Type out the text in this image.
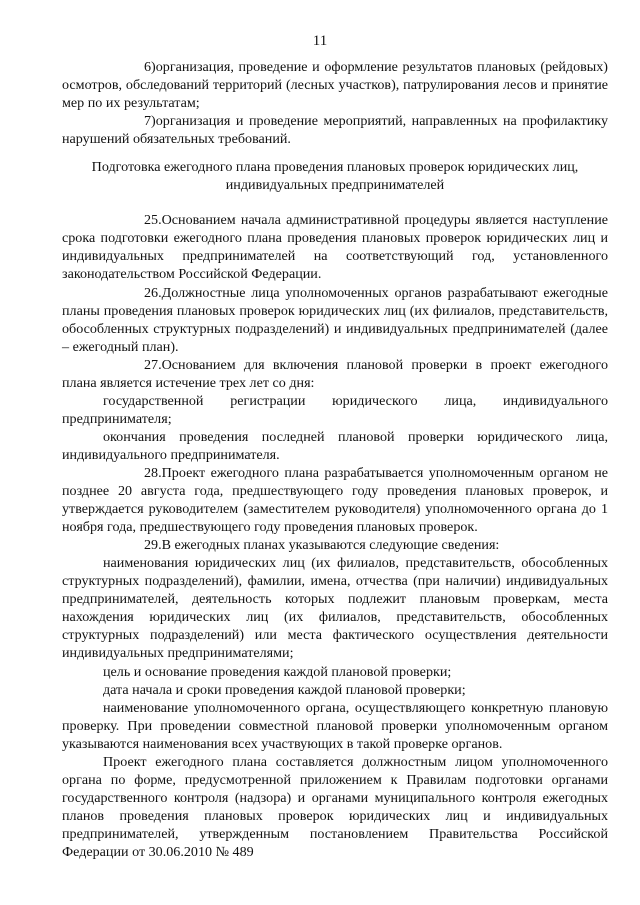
11

6)организация, проведение и оформление результатов плановых (рейдовых) осмотров, обследований территорий (лесных участков), патрулирования лесов и принятие мер по их результатам;

7)организация и проведение мероприятий, направленных на профилактику нарушений обязательных требований.

Подготовка ежегодного плана проведения плановых проверок юридических лиц, индивидуальных предпринимателей

25.Основанием начала административной процедуры является наступление срока подготовки ежегодного плана проведения плановых проверок юридических лиц и индивидуальных предпринимателей на соответствующий год, установленного законодательством Российской Федерации.

26.Должностные лица уполномоченных органов разрабатывают ежегодные планы проведения плановых проверок юридических лиц (их филиалов, представительств, обособленных структурных подразделений) и индивидуальных предпринимателей (далее – ежегодный план).

27.Основанием для включения плановой проверки в проект ежегодного плана является истечение трех лет со дня:

государственной регистрации юридического лица, индивидуального предпринимателя;

окончания проведения последней плановой проверки юридического лица, индивидуального предпринимателя.

28.Проект ежегодного плана разрабатывается уполномоченным органом не позднее 20 августа года, предшествующего году проведения плановых проверок, и утверждается руководителем (заместителем руководителя) уполномоченного органа до 1 ноября года, предшествующего году проведения плановых проверок.

29.В ежегодных планах указываются следующие сведения:

наименования юридических лиц (их филиалов, представительств, обособленных структурных подразделений), фамилии, имена, отчества (при наличии) индивидуальных предпринимателей, деятельность которых подлежит плановым проверкам, места нахождения юридических лиц (их филиалов, представительств, обособленных структурных подразделений) или места фактического осуществления деятельности индивидуальных предпринимателями;

цель и основание проведения каждой плановой проверки;

дата начала и сроки проведения каждой плановой проверки;

наименование уполномоченного органа, осуществляющего конкретную плановую проверку. При проведении совместной плановой проверки уполномоченным органом указываются наименования всех участвующих в такой проверке органов.

Проект ежегодного плана составляется должностным лицом уполномоченного органа по форме, предусмотренной приложением к Правилам подготовки органами государственного контроля (надзора) и органами муниципального контроля ежегодных планов проведения плановых проверок юридических лиц и индивидуальных предпринимателей, утвержденным постановлением Правительства Российской Федерации от 30.06.2010 № 489
